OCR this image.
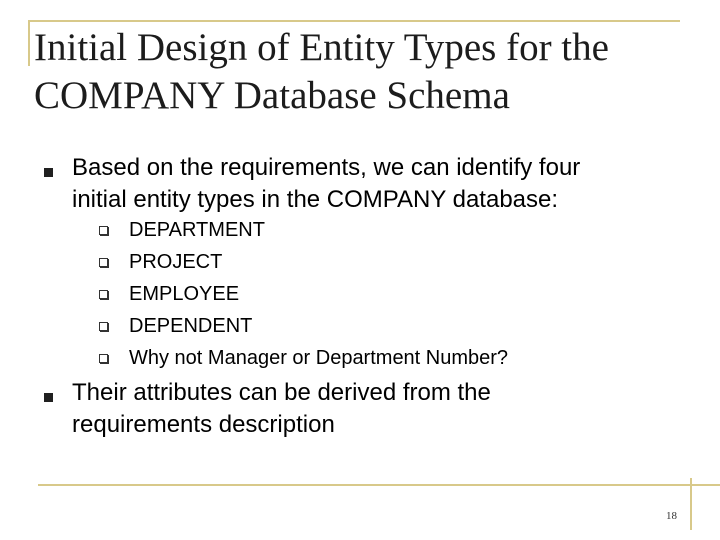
Initial Design of Entity Types for the
COMPANY Database Schema
Based on the requirements, we can identify four
initial entity types in the COMPANY database:
DEPARTMENT
PROJECT
EMPLOYEE
DEPENDENT
Why not Manager or Department Number?
Their attributes can be derived from the
requirements description
18
